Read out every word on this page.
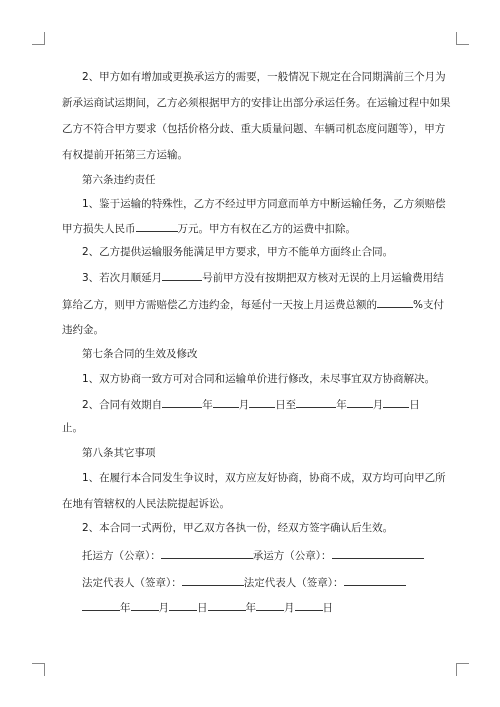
2、甲方如有增加或更换承运方的需要，一般情况下规定在合同期满前三个月为
新承运商试运期间，乙方必须根据甲方的安排让出部分承运任务。在运输过程中如果
乙方不符合甲方要求（包括价格分歧、重大质量问题、车辆司机态度问题等），甲方
有权提前开拓第三方运输。
第六条违约责任
1、鉴于运输的特殊性，乙方不经过甲方同意而单方中断运输任务，乙方须赔偿
甲方损失人民币	万元。甲方有权在乙方的运费中扣除。
2、乙方提供运输服务能满足甲方要求，甲方不能单方面终止合同。
3、若次月顺延月	号前甲方没有按期把双方核对无误的上月运输费用结
算给乙方，则甲方需赔偿乙方违约金，每延付一天按上月运费总额的	%支付
违约金。
第七条合同的生效及修改
1、双方协商一致方可对合同和运输单价进行修改，未尽事宜双方协商解决。
2、合同有效期自	年 月 日至	年 月 日
止。
第八条其它事项
1、在履行本合同发生争议时，双方应友好协商，协商不成，双方均可向甲乙所
在地有管辖权的人民法院提起诉讼。
2、本合同一式两份，甲乙双方各执一份，经双方签字确认后生效。
托运方（公章）：	承运方（公章）：
法定代表人（签章）：	法定代表人（签章）：
年	月	日	年	月	日
